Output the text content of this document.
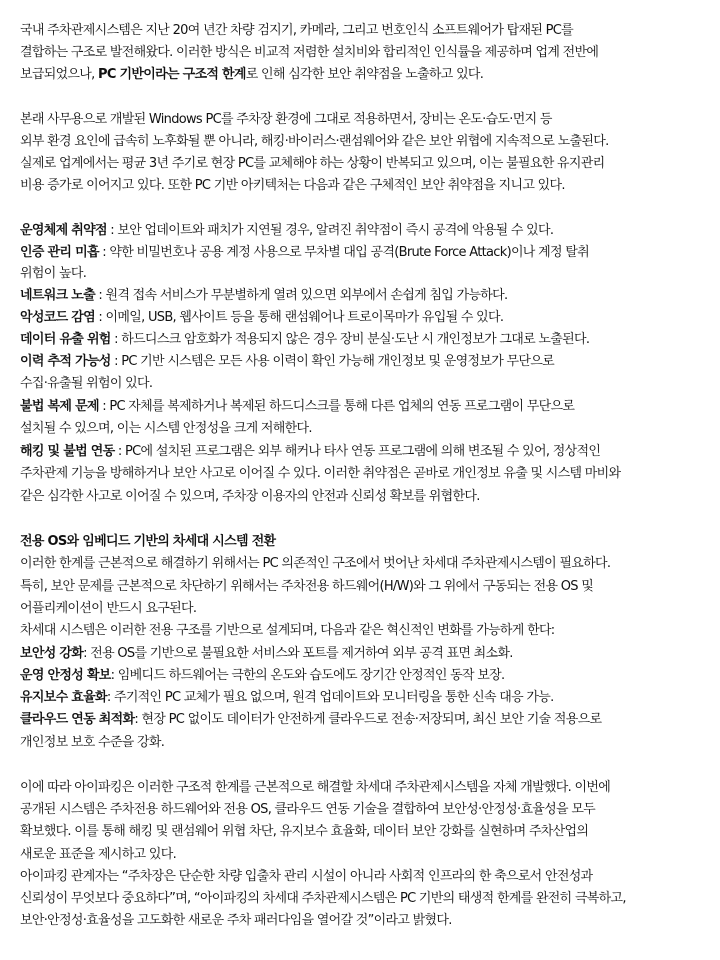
국내 주차관제시스템은 지난 20여 년간 차량 검지기, 카메라, 그리고 번호인식 소프트웨어가 탑재된 PC를
결합하는 구조로 발전해왔다. 이러한 방식은 비교적 저렴한 설치비와 합리적인 인식률을 제공하며 업계 전반에
보급되었으나, PC 기반이라는 구조적 한계로 인해 심각한 보안 취약점을 노출하고 있다.
본래 사무용으로 개발된 Windows PC를 주차장 환경에 그대로 적용하면서, 장비는 온도·습도·먼지 등
외부 환경 요인에 급속히 노후화될 뿐 아니라, 해킹·바이러스·랜섬웨어와 같은 보안 위협에 지속적으로 노출된다.
실제로 업계에서는 평균 3년 주기로 현장 PC를 교체해야 하는 상황이 반복되고 있으며, 이는 불필요한 유지관리
비용 증가로 이어지고 있다. 또한 PC 기반 아키텍처는 다음과 같은 구체적인 보안 취약점을 지니고 있다.
운영체제 취약점 : 보안 업데이트와 패치가 지연될 경우, 알려진 취약점이 즉시 공격에 악용될 수 있다.
인증 관리 미흡 : 약한 비밀번호나 공용 계정 사용으로 무차별 대입 공격(Brute Force Attack)이나 계정 탈취
위험이 높다.
네트워크 노출 : 원격 접속 서비스가 무분별하게 열려 있으면 외부에서 손쉽게 침입 가능하다.
악성코드 감염 : 이메일, USB, 웹사이트 등을 통해 랜섬웨어나 트로이목마가 유입될 수 있다.
데이터 유출 위험 : 하드디스크 암호화가 적용되지 않은 경우 장비 분실·도난 시 개인정보가 그대로 노출된다.
이력 추적 가능성 : PC 기반 시스템은 모든 사용 이력이 확인 가능해 개인정보 및 운영정보가 무단으로
수집·유출될 위험이 있다.
불법 복제 문제 : PC 자체를 복제하거나 복제된 하드디스크를 통해 다른 업체의 연동 프로그램이 무단으로
설치될 수 있으며, 이는 시스템 안정성을 크게 저해한다.
해킹 및 불법 연동 : PC에 설치된 프로그램은 외부 해커나 타사 연동 프로그램에 의해 변조될 수 있어, 정상적인
주차관제 기능을 방해하거나 보안 사고로 이어질 수 있다. 이러한 취약점은 곧바로 개인정보 유출 및 시스템 마비와
같은 심각한 사고로 이어질 수 있으며, 주차장 이용자의 안전과 신뢰성 확보를 위협한다.
전용 OS와 임베디드 기반의 차세대 시스템 전환
이러한 한계를 근본적으로 해결하기 위해서는 PC 의존적인 구조에서 벗어난 차세대 주차관제시스템이 필요하다.
특히, 보안 문제를 근본적으로 차단하기 위해서는 주차전용 하드웨어(H/W)와 그 위에서 구동되는 전용 OS 및
어플리케이션이 반드시 요구된다.
차세대 시스템은 이러한 전용 구조를 기반으로 설계되며, 다음과 같은 혁신적인 변화를 가능하게 한다:
보안성 강화: 전용 OS를 기반으로 불필요한 서비스와 포트를 제거하여 외부 공격 표면 최소화.
운영 안정성 확보: 임베디드 하드웨어는 극한의 온도와 습도에도 장기간 안정적인 동작 보장.
유지보수 효율화: 주기적인 PC 교체가 필요 없으며, 원격 업데이트와 모니터링을 통한 신속 대응 가능.
클라우드 연동 최적화: 현장 PC 없이도 데이터가 안전하게 클라우드로 전송·저장되며, 최신 보안 기술 적용으로
개인정보 보호 수준을 강화.
이에 따라 아이파킹은 이러한 구조적 한계를 근본적으로 해결할 차세대 주차관제시스템을 자체 개발했다. 이번에
공개된 시스템은 주차전용 하드웨어와 전용 OS, 클라우드 연동 기술을 결합하여 보안성·안정성·효율성을 모두
확보했다. 이를 통해 해킹 및 랜섬웨어 위협 차단, 유지보수 효율화, 데이터 보안 강화를 실현하며 주차산업의
새로운 표준을 제시하고 있다.
아이파킹 관계자는 “주차장은 단순한 차량 입출차 관리 시설이 아니라 사회적 인프라의 한 축으로서 안전성과
신뢰성이 무엇보다 중요하다”며, “아이파킹의 차세대 주차관제시스템은 PC 기반의 태생적 한계를 완전히 극복하고,
보안·안정성·효율성을 고도화한 새로운 주차 패러다임을 열어갈 것”이라고 밝혔다.
